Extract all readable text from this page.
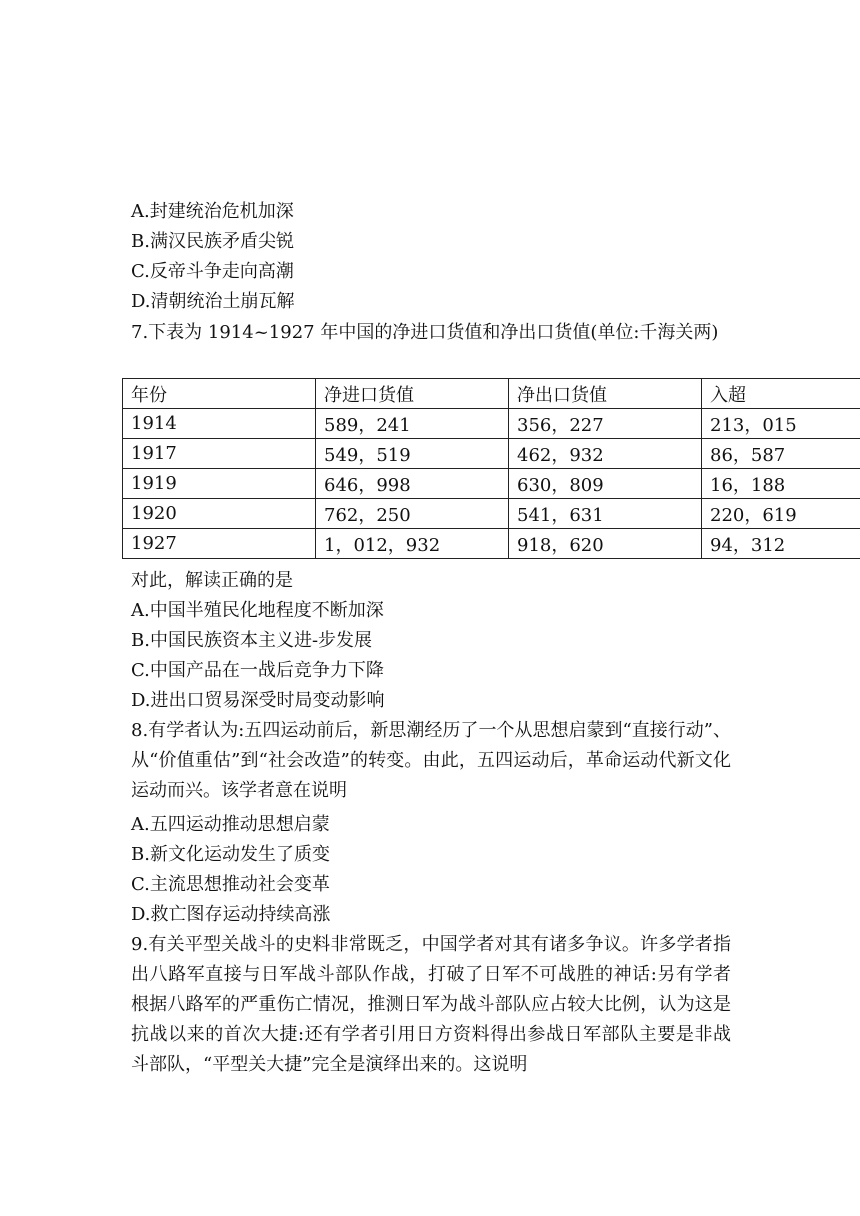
A.封建统治危机加深
B.满汉民族矛盾尖锐
C.反帝斗争走向高潮
D.清朝统治土崩瓦解
7.下表为 1914~1927 年中国的净进口货值和净出口货值(单位:千海关两)
年份	净进口货值	净出口货值	入超
1914	589，241	356，227	213，015
1917	549，519	462，932	86，587
1919	646，998	630，809	16，188
1920	762，250	541，631	220，619
1927	1，012，932	918，620	94，312
对此，解读正确的是
A.中国半殖民化地程度不断加深
B.中国民族资本主义进-步发展
C.中国产品在一战后竞争力下降
D.进出口贸易深受时局变动影响
8.有学者认为:五四运动前后，新思潮经历了一个从思想启蒙到“直接行动”、从“价值重估”到“社会改造”的转变。由此，五四运动后，革命运动代新文化运动而兴。该学者意在说明
A.五四运动推动思想启蒙
B.新文化运动发生了质变
C.主流思想推动社会变革
D.救亡图存运动持续高涨
9.有关平型关战斗的史料非常既乏，中国学者对其有诸多争议。许多学者指出八路军直接与日军战斗部队作战，打破了日军不可战胜的神话:另有学者根据八路军的严重伤亡情况，推测日军为战斗部队应占较大比例，认为这是抗战以来的首次大捷:还有学者引用日方资料得出参战日军部队主要是非战斗部队，“平型关大捷”完全是演绎出来的。这说明
